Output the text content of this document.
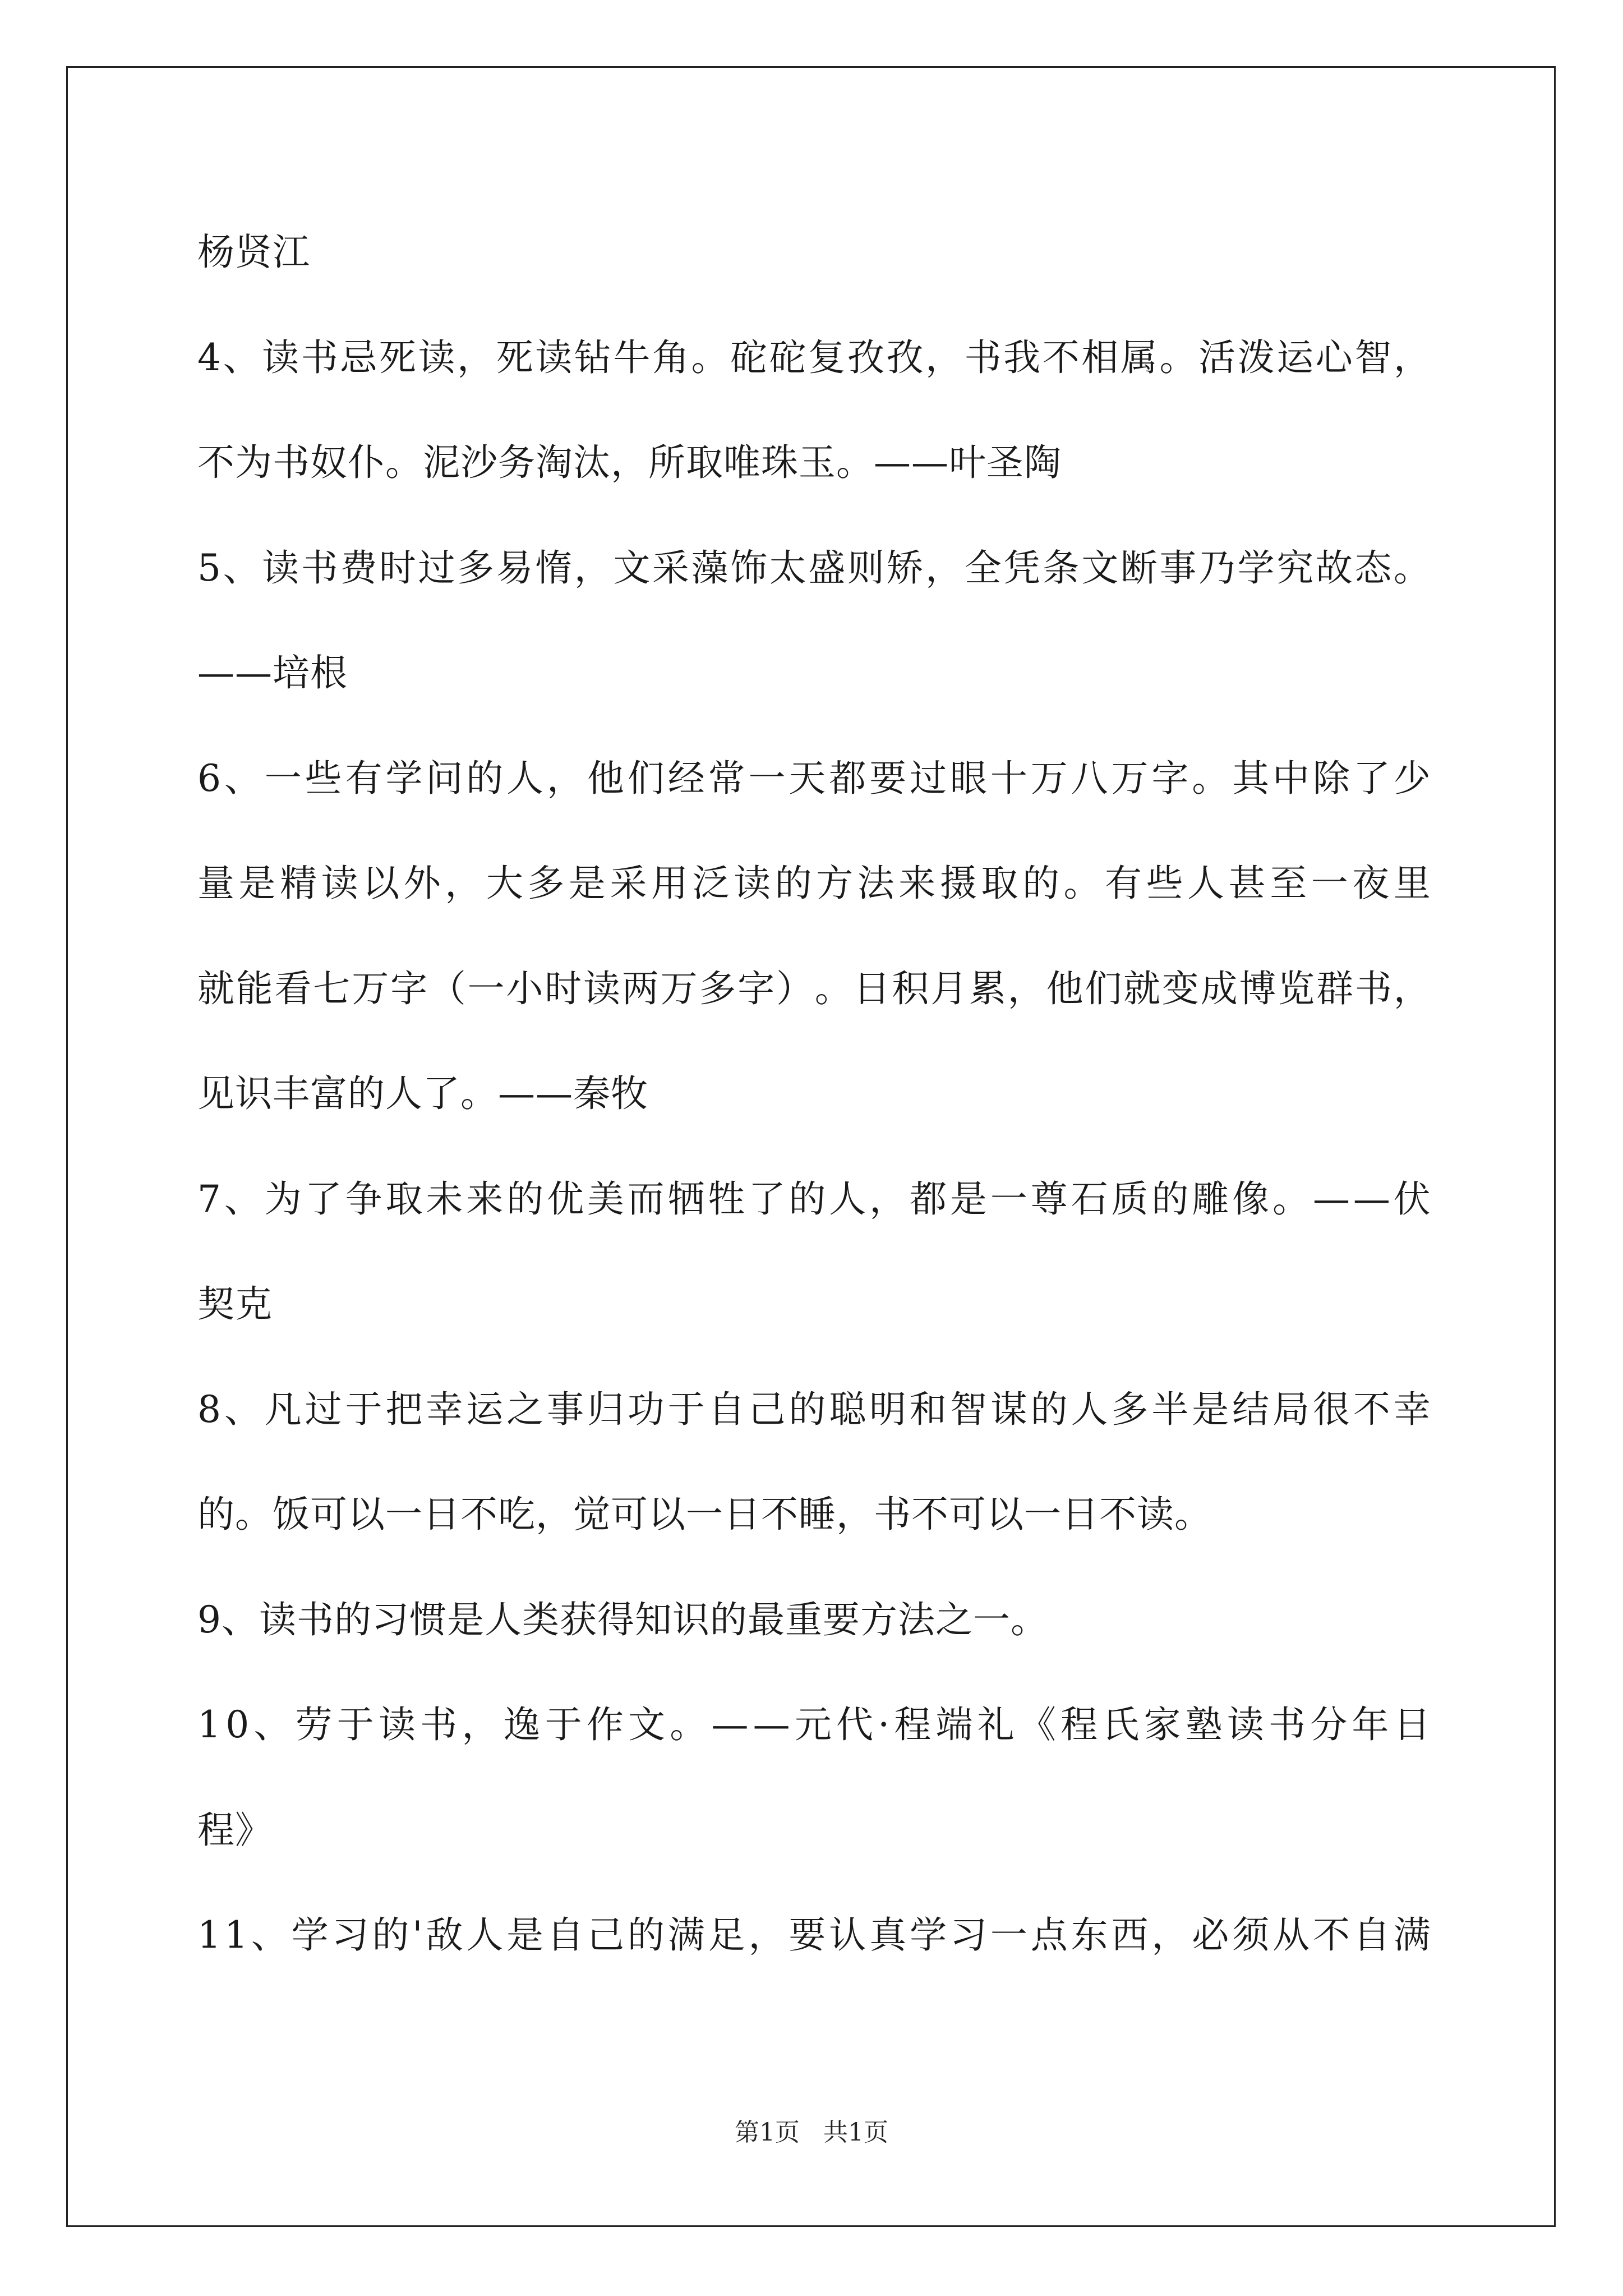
杨贤江
4 、 读 书 忌 死 读 ， 死 读 钻 牛 角 。 砣 砣 复 孜 孜 ， 书 我 不 相 属 。 活 泼 运 心 智 ，
不为书奴仆。泥沙务淘汰，所取唯珠玉。——叶圣陶
5 、 读 书 费 时 过 多 易 惰 ， 文 采 藻 饰 太 盛 则 矫 ， 全 凭 条 文 断 事 乃 学 究 故 态 。
——培根
6 、 一 些 有 学 问 的 人 ， 他 们 经 常 一 天 都 要 过 眼 十 万 八 万 字 。 其 中 除 了 少
量 是 精 读 以 外 ， 大 多 是 采 用 泛 读 的 方 法 来 摄 取 的 。 有 些 人 甚 至 一 夜 里
就 能 看 七 万 字 （ 一 小 时 读 两 万 多 字 ） 。 日 积 月 累 ， 他 们 就 变 成 博 览 群 书 ，
见识丰富的人了。——秦牧
7 、 为 了 争 取 未 来 的 优 美 而 牺 牲 了 的 人 ， 都 是 一 尊 石 质 的 雕 像 。 — — 伏
契克
8 、 凡 过 于 把 幸 运 之 事 归 功 于 自 己 的 聪 明 和 智 谋 的 人 多 半 是 结 局 很 不 幸
的。饭可以一日不吃，觉可以一日不睡，书不可以一日不读。
9、读书的习惯是人类获得知识的最重要方法之一。
1 0 、 劳 于 读 书 ， 逸 于 作 文 。 — — 元 代 · 程 端 礼 《 程 氏 家 塾 读 书 分 年 日
程》
1 1 、 学 习 的 ' 敌 人 是 自 己 的 满 足 ， 要 认 真 学 习 一 点 东 西 ， 必 须 从 不 自 满
第1页   共1页
